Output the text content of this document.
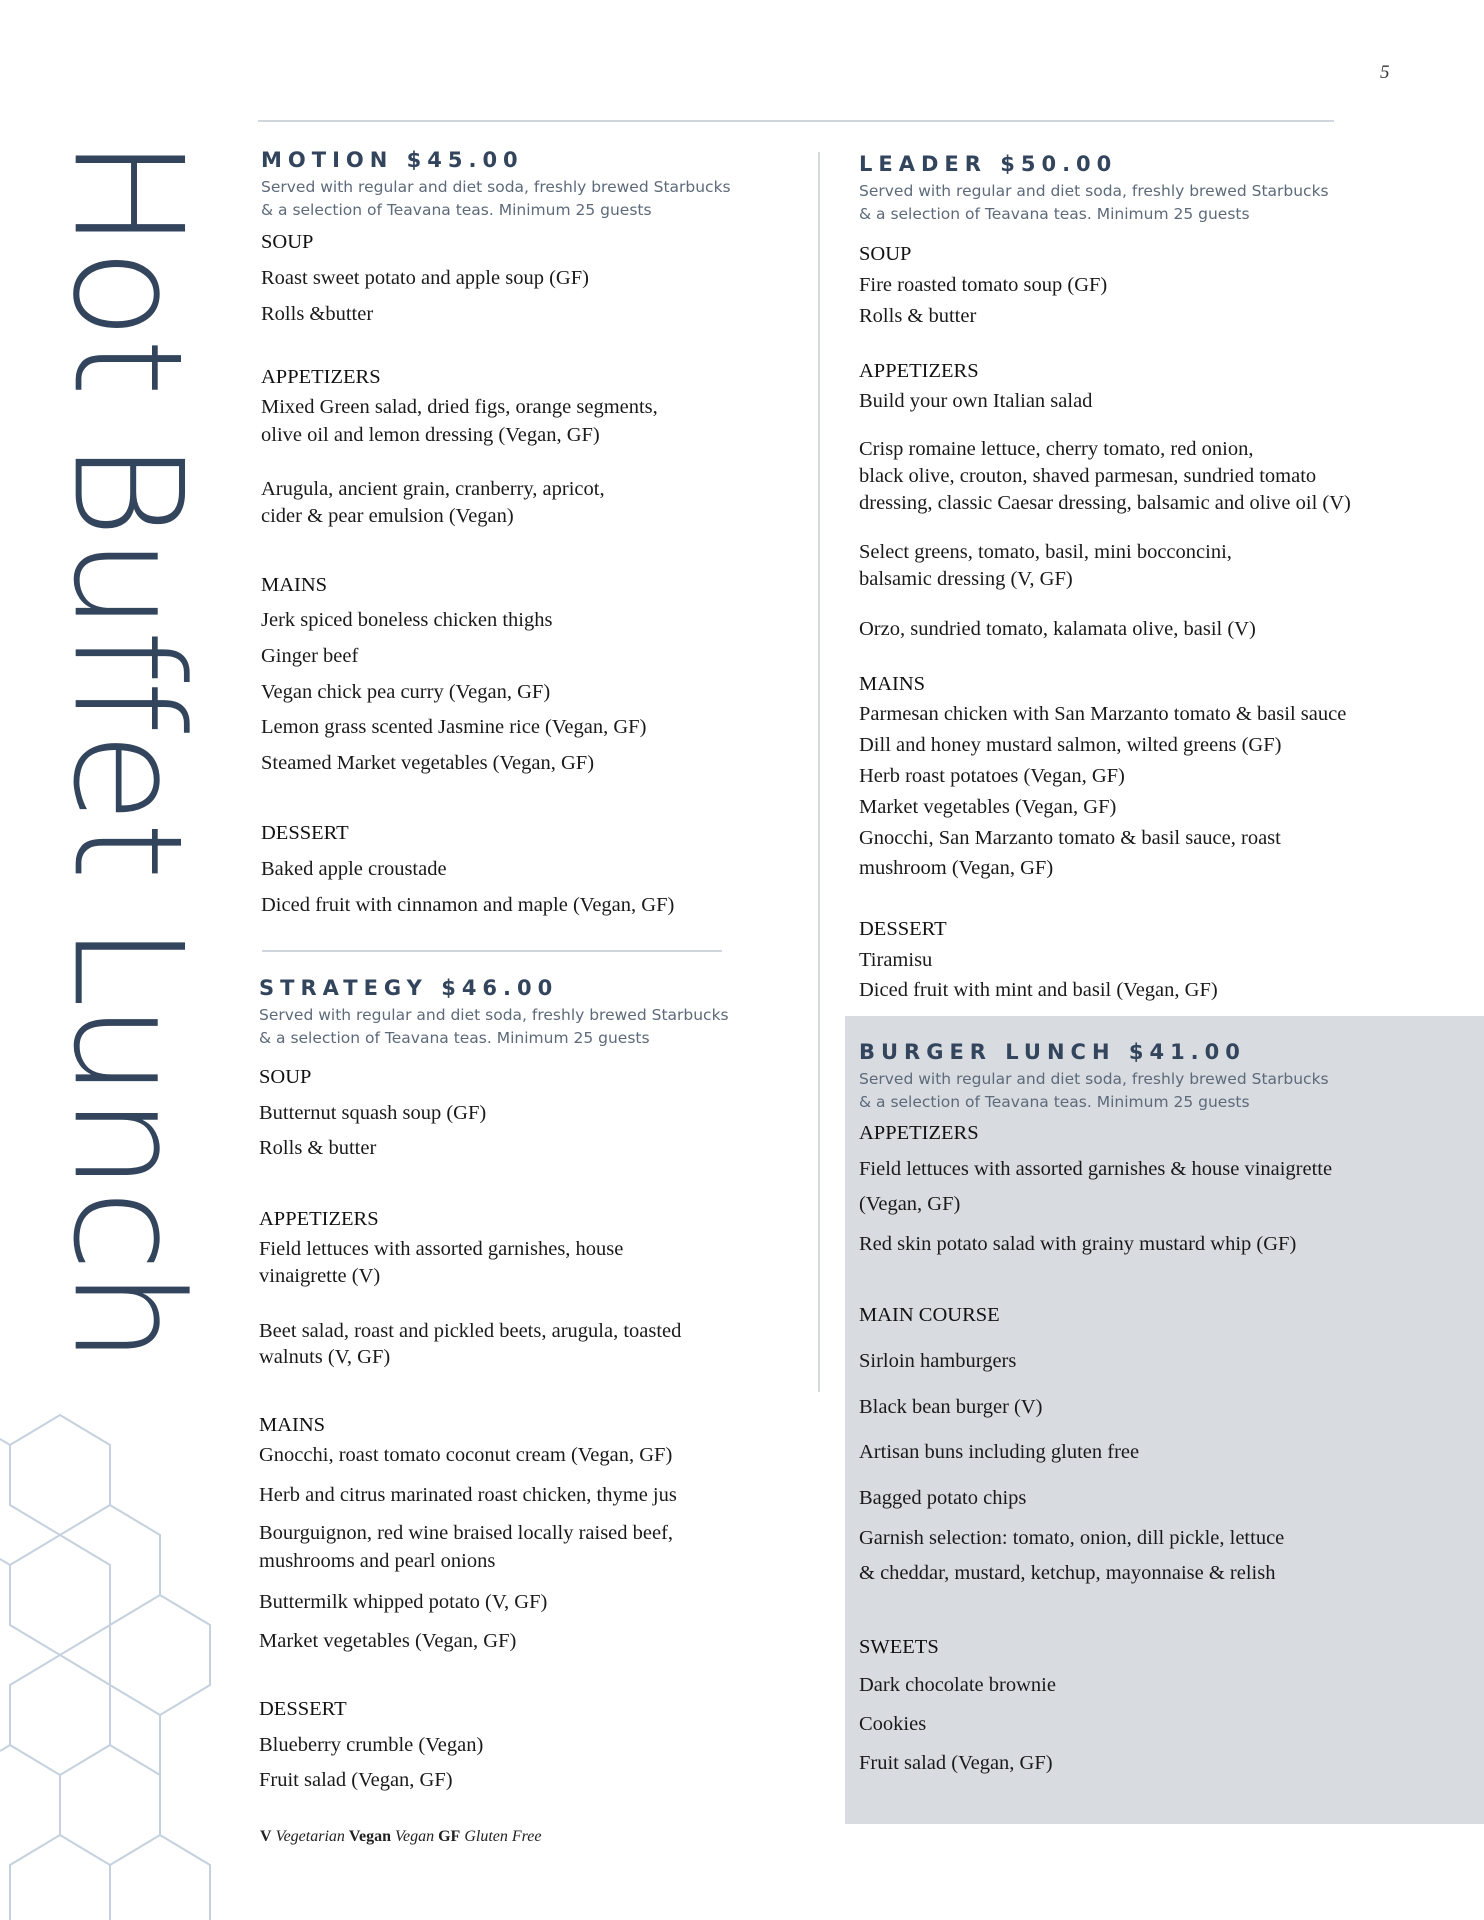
5
Hot Buffet Lunch MOTION $45.00
Served with regular and diet soda, freshly brewed Starbucks
& a selection of Teavana teas. Minimum 25 guests
SOUP
Roast sweet potato and apple soup (GF)
Rolls &butter
APPETIZERS
Mixed Green salad, dried figs, orange segments,
olive oil and lemon dressing (Vegan, GF)
Arugula, ancient grain, cranberry, apricot,
cider & pear emulsion (Vegan)
MAINS
Jerk spiced boneless chicken thighs
Ginger beef
Vegan chick pea curry (Vegan, GF)
Lemon grass scented Jasmine rice (Vegan, GF)
Steamed Market vegetables (Vegan, GF)
DESSERT
Baked apple croustade
Diced fruit with cinnamon and maple (Vegan, GF)
STRATEGY $46.00
Served with regular and diet soda, freshly brewed Starbucks
& a selection of Teavana teas. Minimum 25 guests
SOUP
Butternut squash soup (GF)
Rolls & butter
APPETIZERS
Field lettuces with assorted garnishes, house
vinaigrette (V)
Beet salad, roast and pickled beets, arugula, toasted
walnuts (V, GF)
MAINS
Gnocchi, roast tomato coconut cream (Vegan, GF)
Herb and citrus marinated roast chicken, thyme jus
Bourguignon, red wine braised locally raised beef,
mushrooms and pearl onions
Buttermilk whipped potato (V, GF)
Market vegetables (Vegan, GF)
DESSERT
Blueberry crumble (Vegan)
Fruit salad (Vegan, GF)
LEADER $50.00
Served with regular and diet soda, freshly brewed Starbucks
& a selection of Teavana teas. Minimum 25 guests
SOUP
Fire roasted tomato soup (GF)
Rolls & butter
APPETIZERS
Build your own Italian salad
Crisp romaine lettuce, cherry tomato, red onion,
black olive, crouton, shaved parmesan, sundried tomato
dressing, classic Caesar dressing, balsamic and olive oil (V)
Select greens, tomato, basil, mini bocconcini,
balsamic dressing (V, GF)
Orzo, sundried tomato, kalamata olive, basil (V)
MAINS
Parmesan chicken with San Marzanto tomato & basil sauce
Dill and honey mustard salmon, wilted greens (GF)
Herb roast potatoes (Vegan, GF)
Market vegetables (Vegan, GF)
Gnocchi, San Marzanto tomato & basil sauce, roast
mushroom (Vegan, GF)
DESSERT
Tiramisu
Diced fruit with mint and basil (Vegan, GF)
BURGER LUNCH $41.00
Served with regular and diet soda, freshly brewed Starbucks
& a selection of Teavana teas. Minimum 25 guests
APPETIZERS
Field lettuces with assorted garnishes & house vinaigrette
(Vegan, GF)
Red skin potato salad with grainy mustard whip (GF)
MAIN COURSE
Sirloin hamburgers
Black bean burger (V)
Artisan buns including gluten free
Bagged potato chips
Garnish selection: tomato, onion, dill pickle, lettuce
& cheddar, mustard, ketchup, mayonnaise & relish
SWEETS
Dark chocolate brownie
Cookies
Fruit salad (Vegan, GF)
V Vegetarian Vegan Vegan GF Gluten Free
